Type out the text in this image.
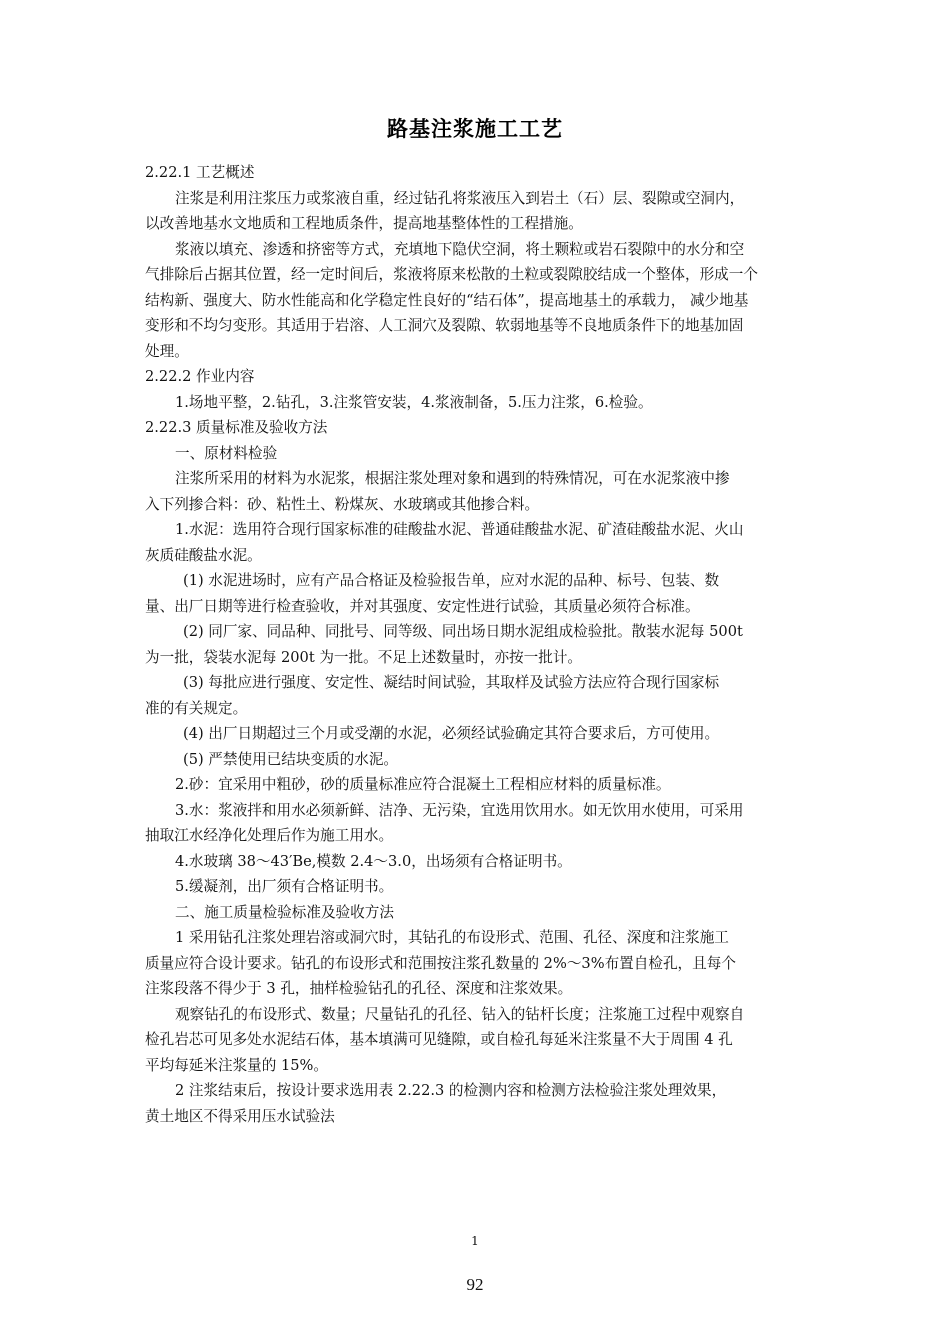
路基注浆施工工艺

2.22.1 工艺概述

注浆是利用注浆压力或浆液自重，经过钻孔将浆液压入到岩土（石）层、裂隙或空洞内，

以改善地基水文地质和工程地质条件，提高地基整体性的工程措施。

浆液以填充、渗透和挤密等方式，充填地下隐伏空洞，将土颗粒或岩石裂隙中的水分和空

气排除后占据其位置，经一定时间后，浆液将原来松散的土粒或裂隙胶结成一个整体，形成一个

结构新、强度大、防水性能高和化学稳定性良好的“结石体”，提高地基土的承载力， 减少地基

变形和不均匀变形。其适用于岩溶、人工洞穴及裂隙、软弱地基等不良地质条件下的地基加固

处理。

2.22.2 作业内容

1.场地平整，2.钻孔，3.注浆管安装，4.浆液制备，5.压力注浆，6.检验。

2.22.3 质量标准及验收方法

一、原材料检验

注浆所采用的材料为水泥浆，根据注浆处理对象和遇到的特殊情况，可在水泥浆液中掺

入下列掺合料：砂、粘性土、粉煤灰、水玻璃或其他掺合料。

1.水泥：选用符合现行国家标准的硅酸盐水泥、普通硅酸盐水泥、矿渣硅酸盐水泥、火山

灰质硅酸盐水泥。

(1) 水泥进场时，应有产品合格证及检验报告单，应对水泥的品种、标号、包装、数

量、出厂日期等进行检查验收，并对其强度、安定性进行试验，其质量必须符合标准。

(2) 同厂家、同品种、同批号、同等级、同出场日期水泥组成检验批。散装水泥每 500t

为一批，袋装水泥每 200t 为一批。不足上述数量时，亦按一批计。

(3) 每批应进行强度、安定性、凝结时间试验，其取样及试验方法应符合现行国家标

准的有关规定。

(4) 出厂日期超过三个月或受潮的水泥，必须经试验确定其符合要求后，方可使用。

(5) 严禁使用已结块变质的水泥。

2.砂：宜采用中粗砂，砂的质量标准应符合混凝土工程相应材料的质量标准。

3.水：浆液拌和用水必须新鲜、洁净、无污染，宜选用饮用水。如无饮用水使用，可采用

抽取江水经净化处理后作为施工用水。

4.水玻璃 38～43′Be,模数 2.4～3.0，出场须有合格证明书。

5.缓凝剂，出厂须有合格证明书。

二、施工质量检验标准及验收方法

1 采用钻孔注浆处理岩溶或洞穴时，其钻孔的布设形式、范围、孔径、深度和注浆施工

质量应符合设计要求。钻孔的布设形式和范围按注浆孔数量的 2%～3%布置自检孔，且每个

注浆段落不得少于 3 孔，抽样检验钻孔的孔径、深度和注浆效果。

观察钻孔的布设形式、数量；尺量钻孔的孔径、钻入的钻杆长度；注浆施工过程中观察自

检孔岩芯可见多处水泥结石体，基本填满可见缝隙，或自检孔每延米注浆量不大于周围 4 孔

平均每延米注浆量的 15%。

2 注浆结束后，按设计要求选用表 2.22.3 的检测内容和检测方法检验注浆处理效果，

黄土地区不得采用压水试验法

1
92
